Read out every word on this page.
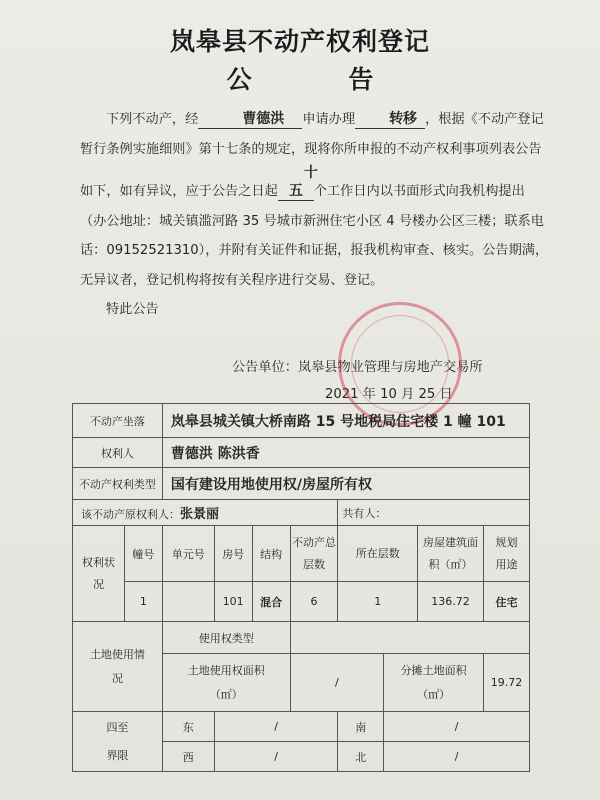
岚皋县不动产权利登记
公 告

下列不动产，经	曹德洪 申请办理 转移 ，根据《不动产登记暂行条例实施细则》第十七条的规定，现将你所申报的不动产权利事项列表公告如下，如有异议，应于公告之日起十五 个工作日内以书面形式向我机构提出（办公地址：城关镇滥河路 35 号城市新洲住宅小区 4 号楼办公区三楼；联系电话：09152521310），并附有关证件和证据，报我机构审查、核实。公告期满，无异议者，登记机构将按有关程序进行交易、登记。

特此公告

公告单位：岚皋县物业管理与房地产交易所
2021 年 10 月 25 日
不动产坐落		岚皋县城关镇大桥南路 15 号地税局住宅楼 1 幢 101							
权利人		曹德洪 陈洪香							
不动产权利类型		国有建设用地使用权/房屋所有权							
该不动产原权利人：张景丽						共有人：			
权利状况	幢号	单元号	房号	结构	不动产总层数	所在层数		房屋建筑面积（㎡）	规划用途
	1		101	混合	6	1		136.72	住宅
土地使用情况		使用权类型							
		土地使用权面积（㎡）			/		分摊土地面积（㎡）		19.72
四至界限		东	/			南	/		
		西	/			北	/		
